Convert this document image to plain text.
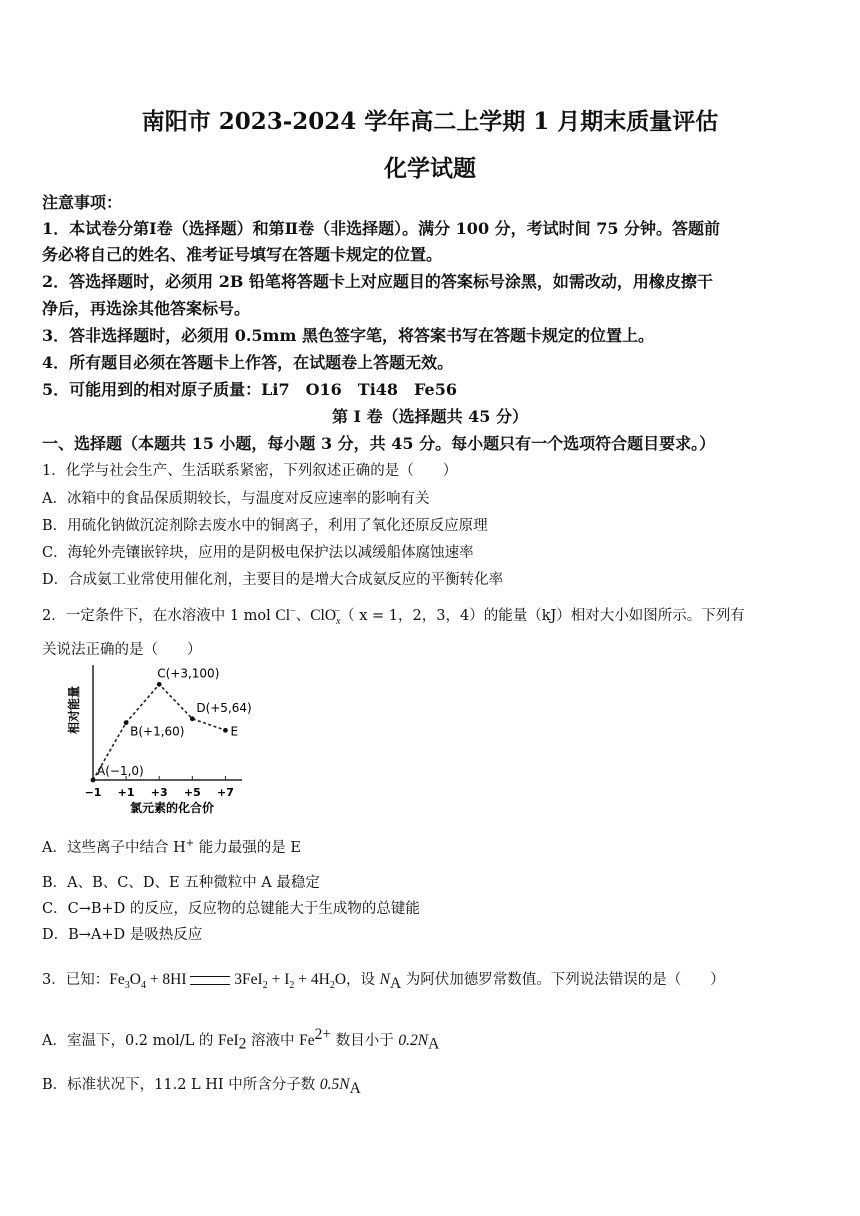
南阳市 2023-2024 学年高二上学期 1 月期末质量评估
化学试题
注意事项：
1．本试卷分第Ⅰ卷（选择题）和第Ⅱ卷（非选择题）。满分 100 分，考试时间 75 分钟。答题前
务必将自己的姓名、准考证号填写在答题卡规定的位置。
2．答选择题时，必须用 2B 铅笔将答题卡上对应题目的答案标号涂黑，如需改动，用橡皮擦干
净后，再选涂其他答案标号。
3．答非选择题时，必须用 0.5mm 黑色签字笔，将答案书写在答题卡规定的位置上。
4．所有题目必须在答题卡上作答，在试题卷上答题无效。
5．可能用到的相对原子质量：Li7　O16　Ti48　Fe56
第 I 卷（选择题共 45 分）
一、选择题（本题共 15 小题，每小题 3 分，共 45 分。每小题只有一个选项符合题目要求。）
1．化学与社会生产、生活联系紧密，下列叙述正确的是（　　）
A．冰箱中的食品保质期较长，与温度对反应速率的影响有关
B．用硫化钠做沉淀剂除去废水中的铜离子，利用了氧化还原反应原理
C．海轮外壳镶嵌锌块，应用的是阴极电保护法以减缓船体腐蚀速率
D．合成氨工业常使用催化剂，主要目的是增大合成氨反应的平衡转化率
2．一定条件下，在水溶液中 1 mol Cl−、ClO$_x$−（ x = 1，2，3，4）的能量（kJ）相对大小如图所示。下列有
关说法正确的是（　　）
相对能量
−1 +1 +3 +5 +7
A(−1,0)
B(+1,60)
C(+3,100)
D(+5,64)
E
氯元素的化合价
A．这些离子中结合 H+ 能力最强的是 E
B．A、B、C、D、E 五种微粒中 A 最稳定
C．C→B+D 的反应，反应物的总键能大于生成物的总键能
D．B→A+D 是吸热反应
3．已知：$Fe_3O_4 + 8HI$	$3FeI_2 + I_2 + 4H_2O$，设 $N_A$ 为阿伏加德罗常数值。下列说法错误的是（　　）
A．室温下，0.2 mol/L 的 FeI$_2$ 溶液中 $Fe^{2+}$ 数目小于 $0.2N_A$
B．标准状况下，11.2 L HI 中所含分子数 $0.5N_A$
